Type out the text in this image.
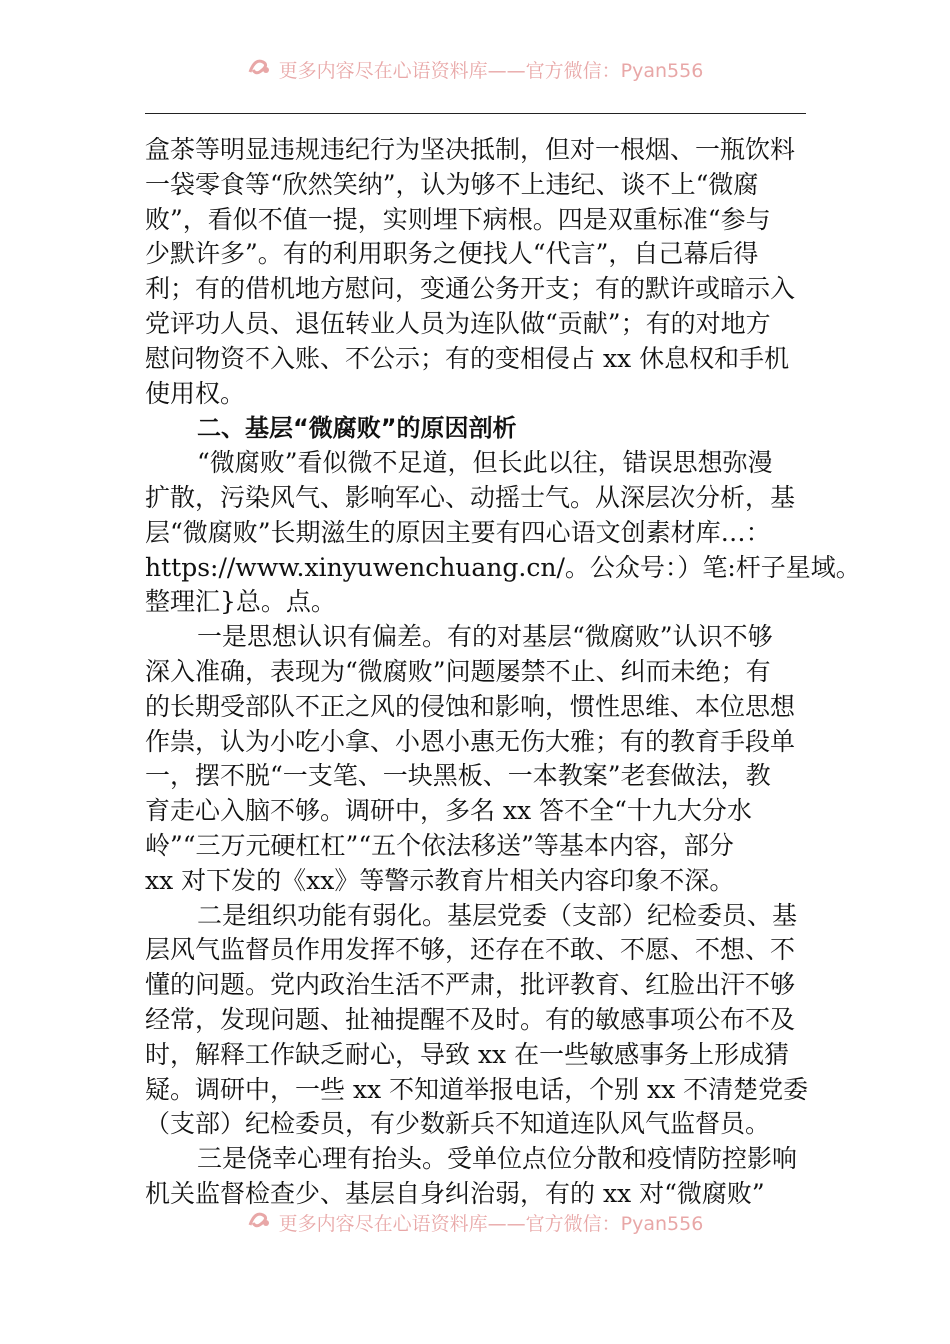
更多内容尽在心语资料库——官方微信：Pyan556
盒茶等明显违规违纪行为坚决抵制，但对一根烟、一瓶饮料
一袋零食等“欣然笑纳”，认为够不上违纪、谈不上“微腐
败”，看似不值一提，实则埋下病根。四是双重标准“参与
少默许多”。有的利用职务之便找人“代言”，自己幕后得
利；有的借机地方慰问，变通公务开支；有的默许或暗示入
党评功人员、退伍转业人员为连队做“贡献”；有的对地方
慰问物资不入账、不公示；有的变相侵占 xx 休息权和手机
使用权。
二、基层“微腐败”的原因剖析
“微腐败”看似微不足道，但长此以往，错误思想弥漫
扩散，污染风气、影响军心、动摇士气。从深层次分析，基
层“微腐败”长期滋生的原因主要有四心语文创素材库…：
https://www.xinyuwenchuang.cn/。公众号：）笔:杆子星域。
整理汇}总。点。
一是思想认识有偏差。有的对基层“微腐败”认识不够
深入准确，表现为“微腐败”问题屡禁不止、纠而未绝；有
的长期受部队不正之风的侵蚀和影响，惯性思维、本位思想
作祟，认为小吃小拿、小恩小惠无伤大雅；有的教育手段单
一，摆不脱“一支笔、一块黑板、一本教案”老套做法，教
育走心入脑不够。调研中，多名 xx 答不全“十九大分水
岭”“三万元硬杠杠”“五个依法移送”等基本内容，部分
xx 对下发的《xx》等警示教育片相关内容印象不深。
二是组织功能有弱化。基层党委（支部）纪检委员、基
层风气监督员作用发挥不够，还存在不敢、不愿、不想、不
懂的问题。党内政治生活不严肃，批评教育、红脸出汗不够
经常，发现问题、扯袖提醒不及时。有的敏感事项公布不及
时，解释工作缺乏耐心，导致 xx 在一些敏感事务上形成猜
疑。调研中，一些 xx 不知道举报电话，个别 xx 不清楚党委
（支部）纪检委员，有少数新兵不知道连队风气监督员。
三是侥幸心理有抬头。受单位点位分散和疫情防控影响
机关监督检查少、基层自身纠治弱，有的 xx 对“微腐败”
更多内容尽在心语资料库——官方微信：Pyan556
